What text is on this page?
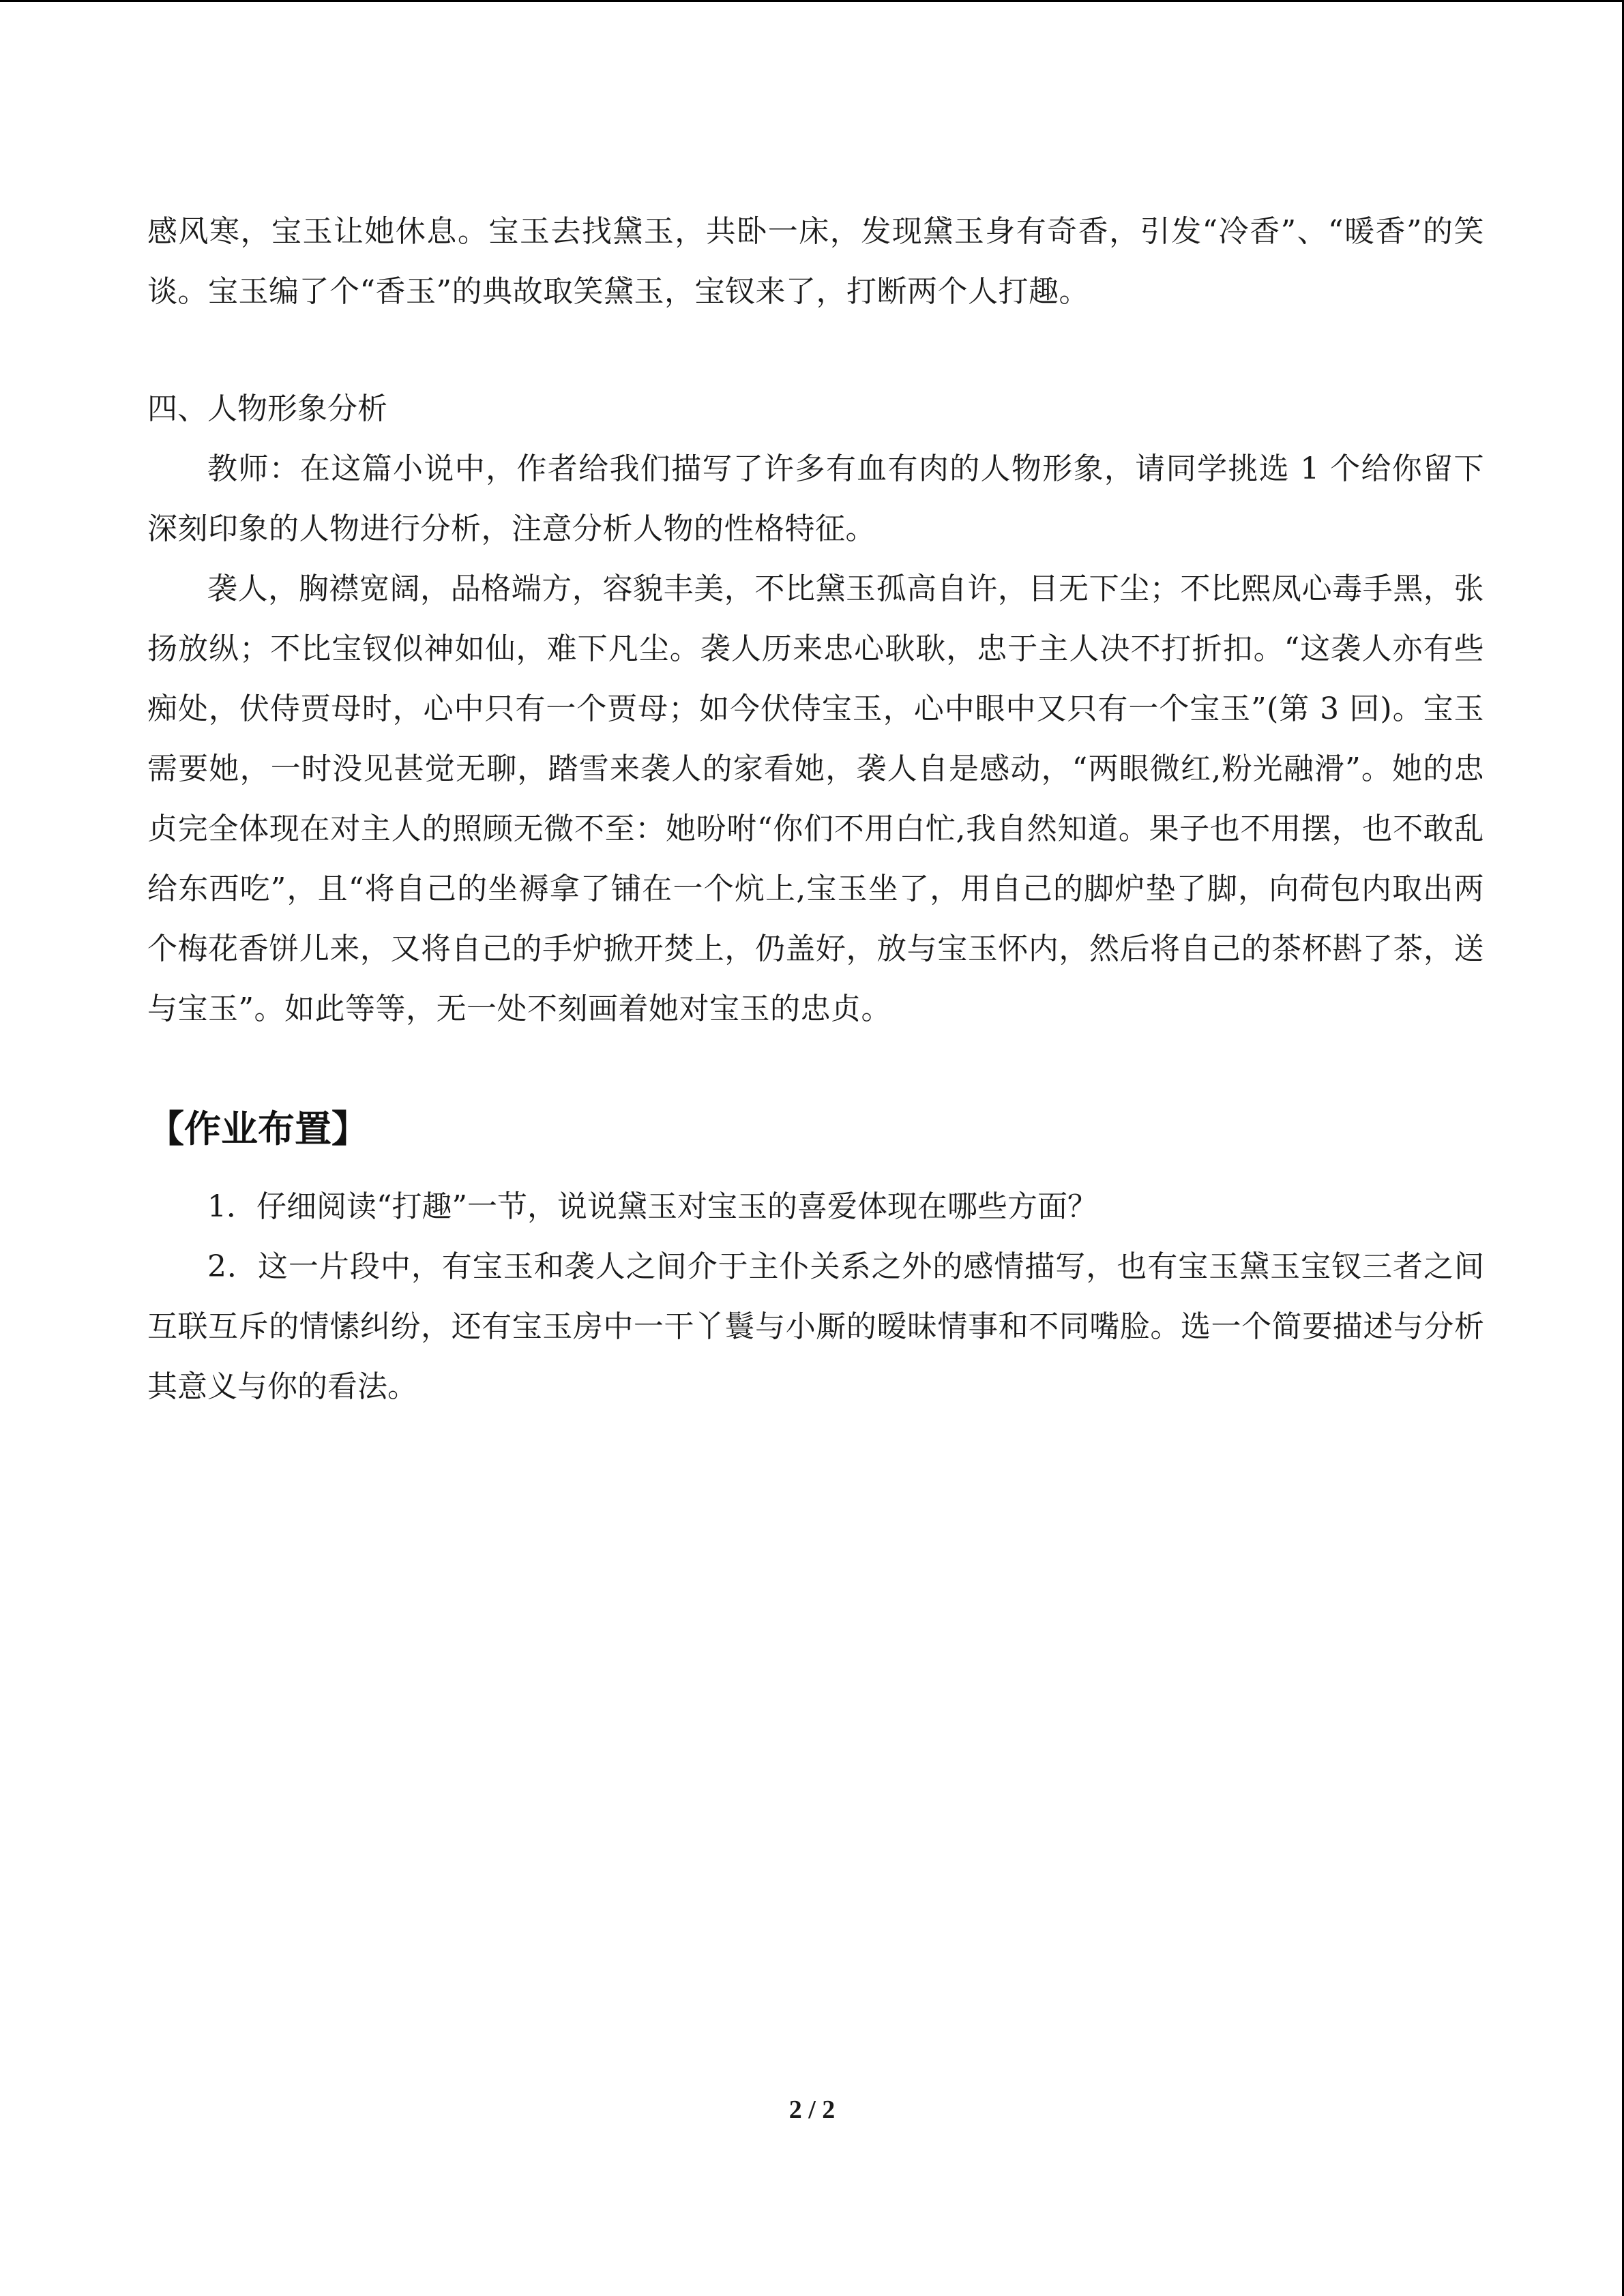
感风寒，宝玉让她休息。宝玉去找黛玉，共卧一床，发现黛玉身有奇香，引发“冷香”、“暖香”的笑谈。宝玉编了个“香玉”的典故取笑黛玉，宝钗来了，打断两个人打趣。

四、人物形象分析

教师：在这篇小说中，作者给我们描写了许多有血有肉的人物形象，请同学挑选 1 个给你留下深刻印象的人物进行分析，注意分析人物的性格特征。

袭人，胸襟宽阔，品格端方，容貌丰美，不比黛玉孤高自许，目无下尘；不比熙凤心毒手黑，张扬放纵；不比宝钗似神如仙，难下凡尘。袭人历来忠心耿耿，忠于主人决不打折扣。“这袭人亦有些痴处，伏侍贾母时，心中只有一个贾母；如今伏侍宝玉，心中眼中又只有一个宝玉”(第 3 回)。宝玉需要她，一时没见甚觉无聊，踏雪来袭人的家看她，袭人自是感动，“两眼微红,粉光融滑”。她的忠贞完全体现在对主人的照顾无微不至：她吩咐“你们不用白忙,我自然知道。果子也不用摆，也不敢乱给东西吃”，且“将自己的坐褥拿了铺在一个炕上,宝玉坐了，用自己的脚炉垫了脚，向荷包内取出两个梅花香饼儿来，又将自己的手炉掀开焚上，仍盖好，放与宝玉怀内，然后将自己的茶杯斟了茶，送与宝玉”。如此等等，无一处不刻画着她对宝玉的忠贞。

【作业布置】

1．仔细阅读“打趣”一节，说说黛玉对宝玉的喜爱体现在哪些方面？

2．这一片段中，有宝玉和袭人之间介于主仆关系之外的感情描写，也有宝玉黛玉宝钗三者之间互联互斥的情愫纠纷，还有宝玉房中一干丫鬟与小厮的暧昧情事和不同嘴脸。选一个简要描述与分析其意义与你的看法。

2 / 2
